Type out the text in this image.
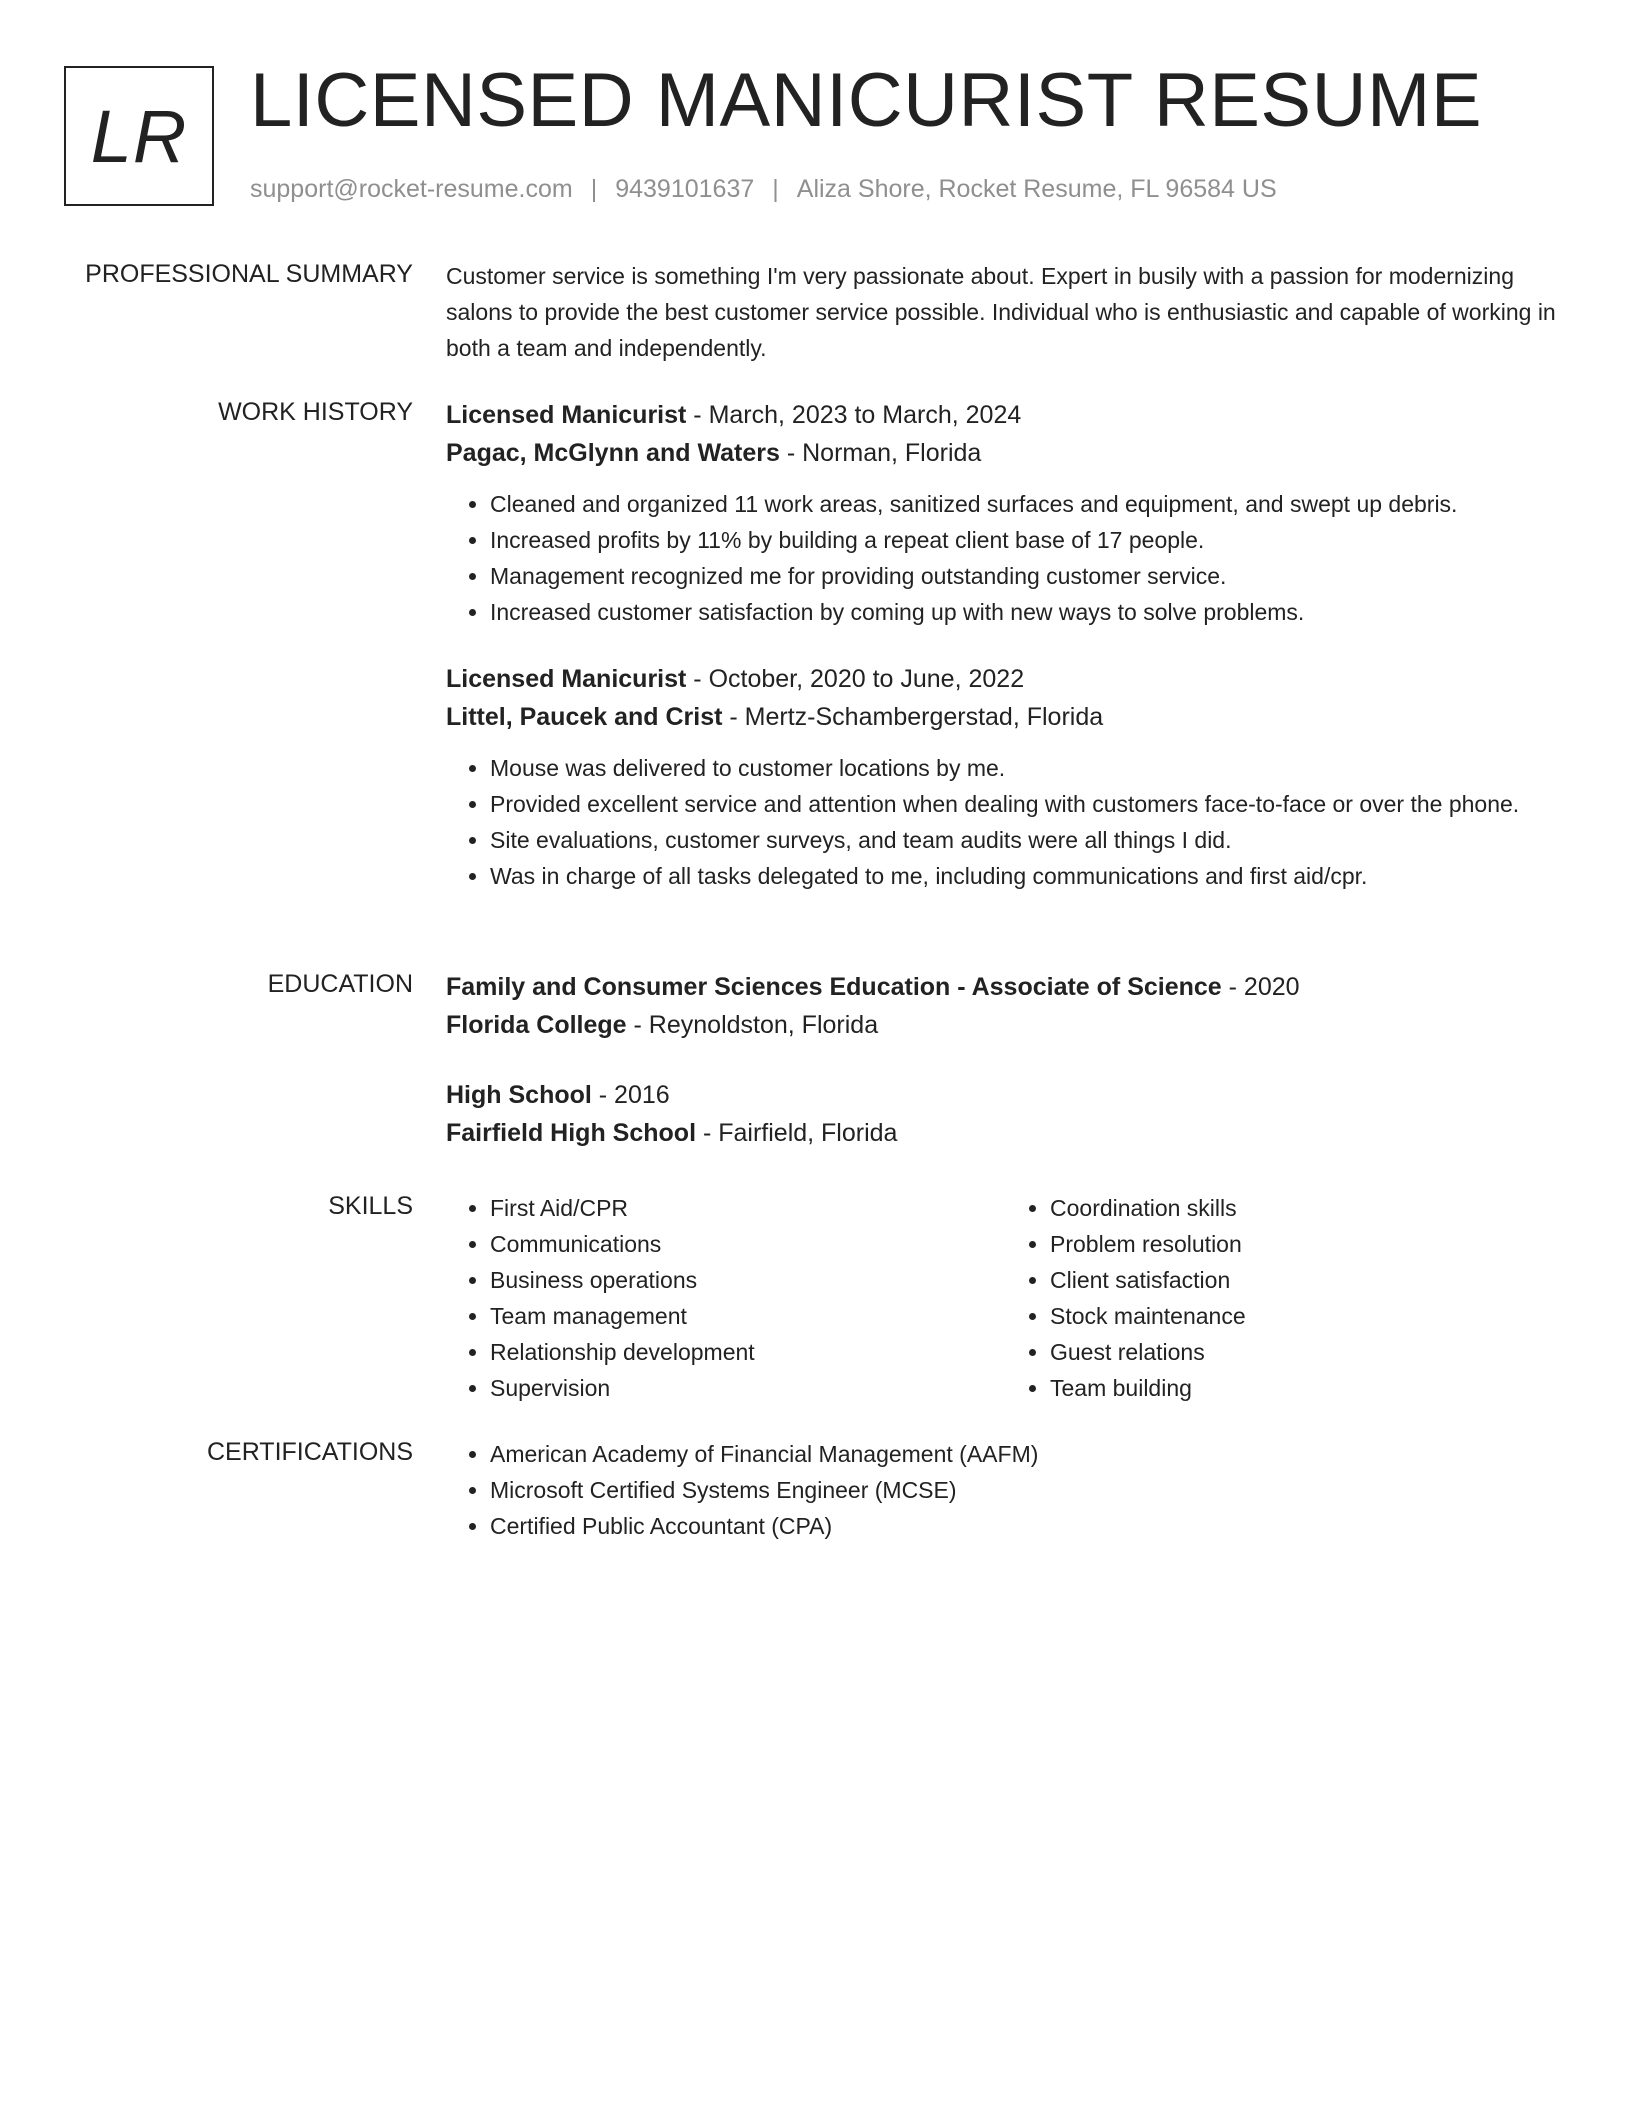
LR LICENSED MANICURIST RESUME
support@rocket-resume.com | 9439101637 | Aliza Shore, Rocket Resume, FL 96584 US
PROFESSIONAL SUMMARY Customer service is something I'm very passionate about. Expert in busily with a passion for modernizing salons to provide the best customer service possible. Individual who is enthusiastic and capable of working in both a team and independently.

WORK HISTORY Licensed Manicurist - March, 2023 to March, 2024

Pagac, McGlynn and Waters - Norman, Florida

• Cleaned and organized 11 work areas, sanitized surfaces and equipment, and swept up debris.
• Increased profits by 11% by building a repeat client base of 17 people.
• Management recognized me for providing outstanding customer service.
• Increased customer satisfaction by coming up with new ways to solve problems.

Licensed Manicurist - October, 2020 to June, 2022

Littel, Paucek and Crist - Mertz-Schambergerstad, Florida

• Mouse was delivered to customer locations by me.
• Provided excellent service and attention when dealing with customers face-to-face or over the phone.
• Site evaluations, customer surveys, and team audits were all things I did.
• Was in charge of all tasks delegated to me, including communications and first aid/cpr.
EDUCATION Family and Consumer Sciences Education - Associate of Science - 2020

Florida College - Reynoldston, Florida

High School - 2016

Fairfield High School - Fairfield, Florida

SKILLS	• First Aid/CPR
• Communications
• Business operations
• Team management
• Relationship development
• Supervision
• Coordination skills
• Problem resolution
• Client satisfaction
• Stock maintenance
• Guest relations
• Team building
CERTIFICATIONS	• American Academy of Financial Management (AAFM)
• Microsoft Certified Systems Engineer (MCSE)
• Certified Public Accountant (CPA)
